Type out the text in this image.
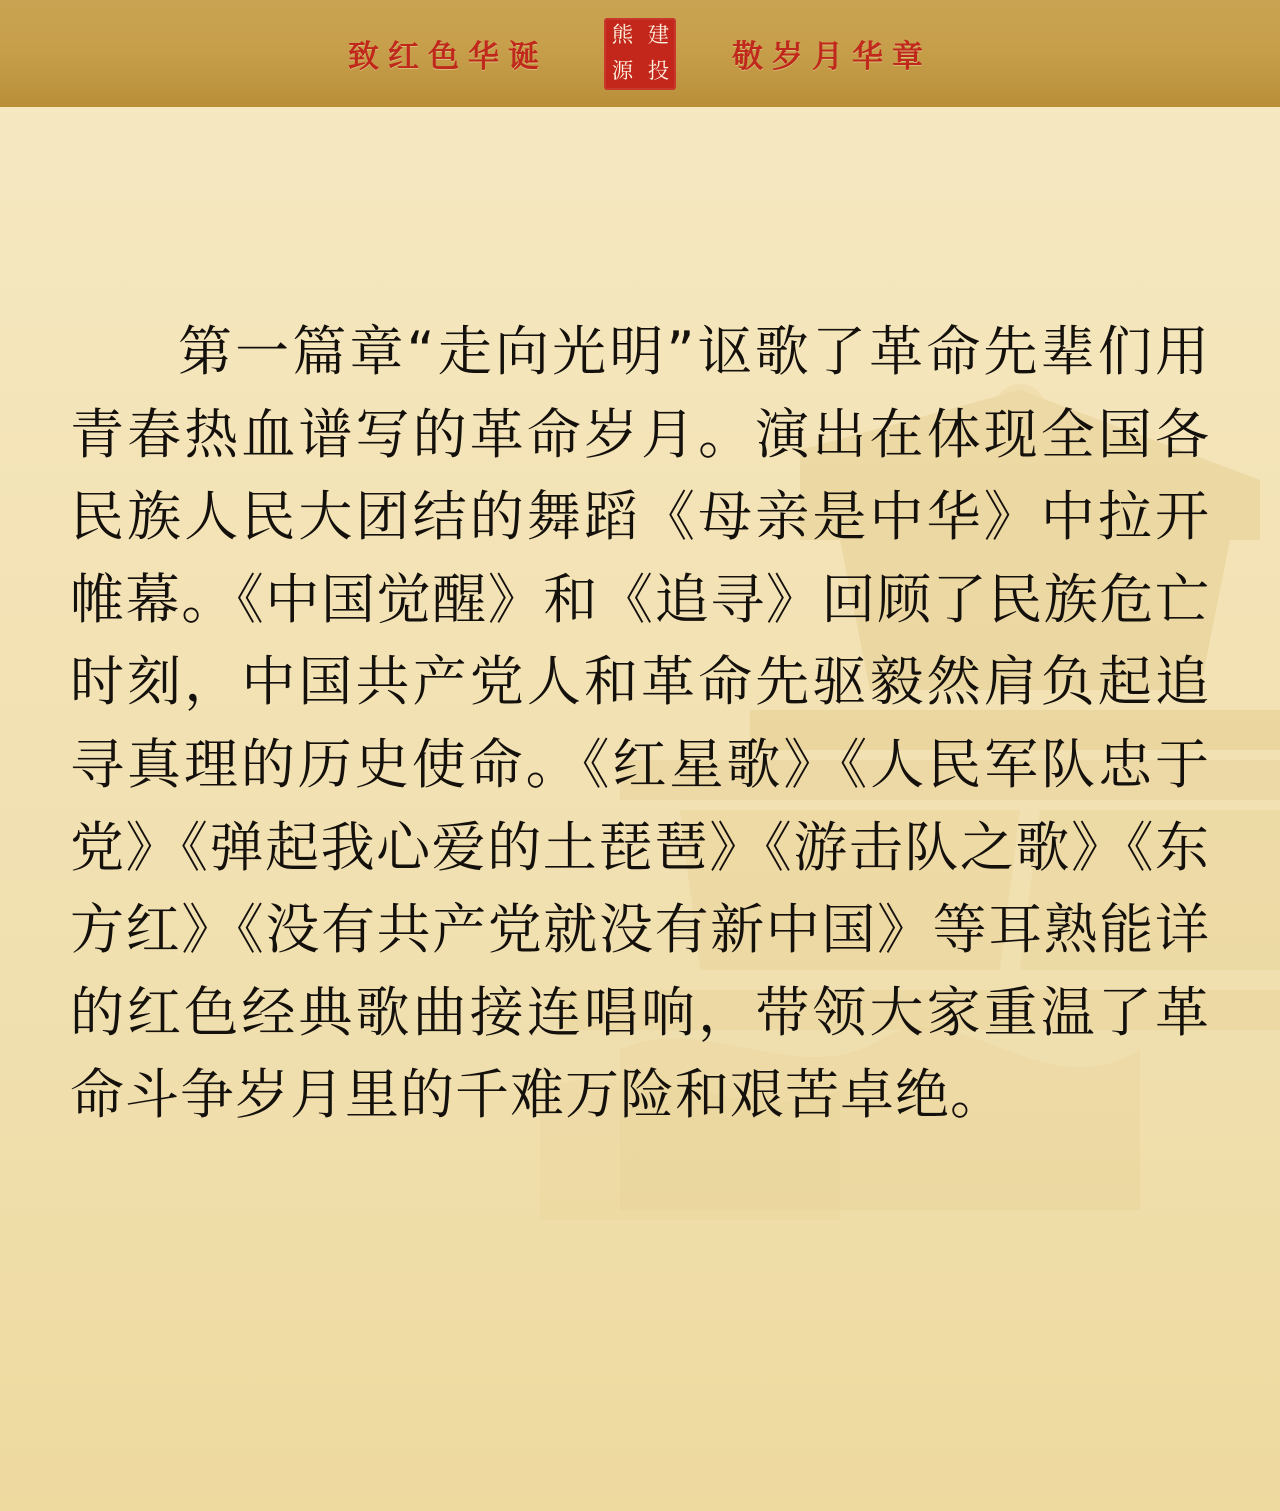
致红色华诞
熊 建
源 投 敬岁月华章

第一篇章“走向光明”讴歌了革命先辈们用青春热血谱写的革命岁月。演出在体现全国各民族人民大团结的舞蹈《母亲是中华》中拉开帷幕。《中国觉醒》和《追寻》回顾了民族危亡时刻，中国共产党人和革命先驱毅然肩负起追寻真理的历史使命。《红星歌》《人民军队忠于党》《弹起我心爱的土琵琶》《游击队之歌》《东方红》《没有共产党就没有新中国》等耳熟能详的红色经典歌曲接连唱响，带领大家重温了革命斗争岁月里的千难万险和艰苦卓绝。
